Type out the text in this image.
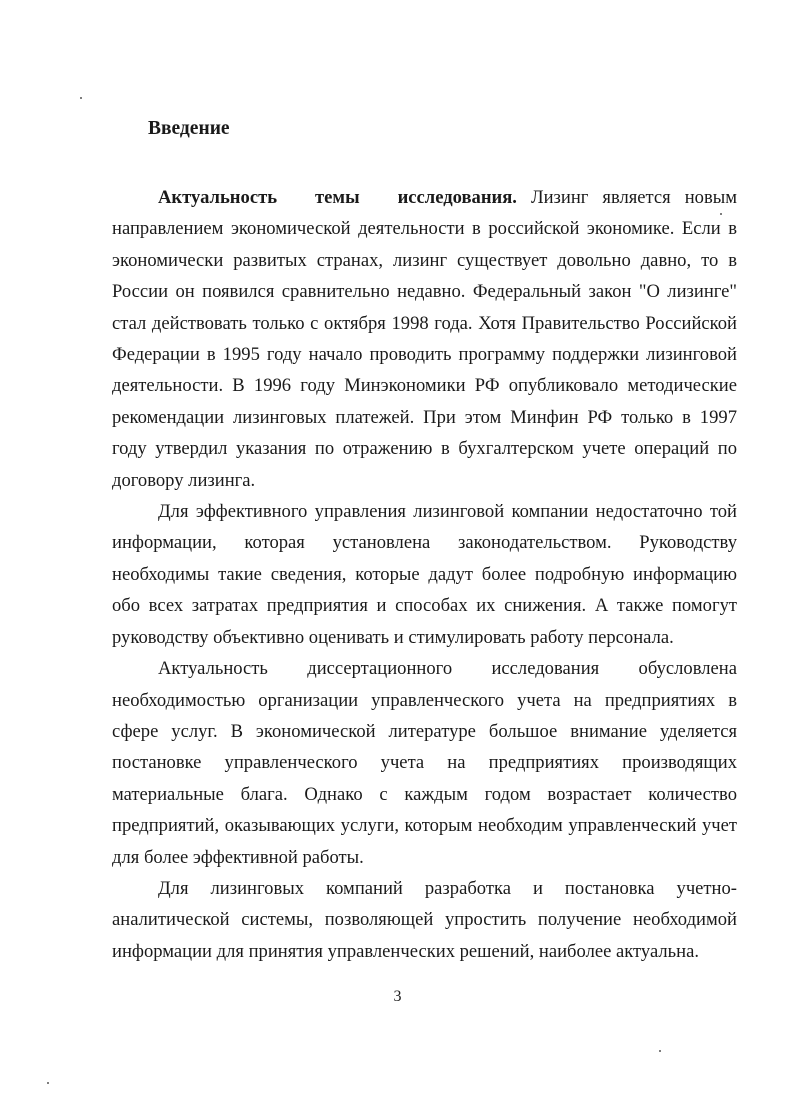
Введение

Актуальность темы исследования. Лизинг является новым направлением экономической деятельности в российской экономике. Если в экономически развитых странах, лизинг существует довольно давно, то в России он появился сравнительно недавно. Федеральный закон "О лизинге" стал действовать только с октября 1998 года. Хотя Правительство Российской Федерации в 1995 году начало проводить программу поддержки лизинговой деятельности. В 1996 году Минэкономики РФ опубликовало методические рекомендации лизинговых платежей. При этом Минфин РФ только в 1997 году утвердил указания по отражению в бухгалтерском учете операций по договору лизинга.

Для эффективного управления лизинговой компании недостаточно той информации, которая установлена законодательством. Руководству необходимы такие сведения, которые дадут более подробную информацию обо всех затратах предприятия и способах их снижения. А также помогут руководству объективно оценивать и стимулировать работу персонала.

Актуальность диссертационного исследования обусловлена необходимостью организации управленческого учета на предприятиях в сфере услуг. В экономической литературе большое внимание уделяется постановке управленческого учета на предприятиях производящих материальные блага. Однако с каждым годом возрастает количество предприятий, оказывающих услуги, которым необходим управленческий учет для более эффективной работы.

Для лизинговых компаний разработка и постановка учетно-аналитической системы, позволяющей упростить получение необходимой информации для принятия управленческих решений, наиболее актуальна.

3
